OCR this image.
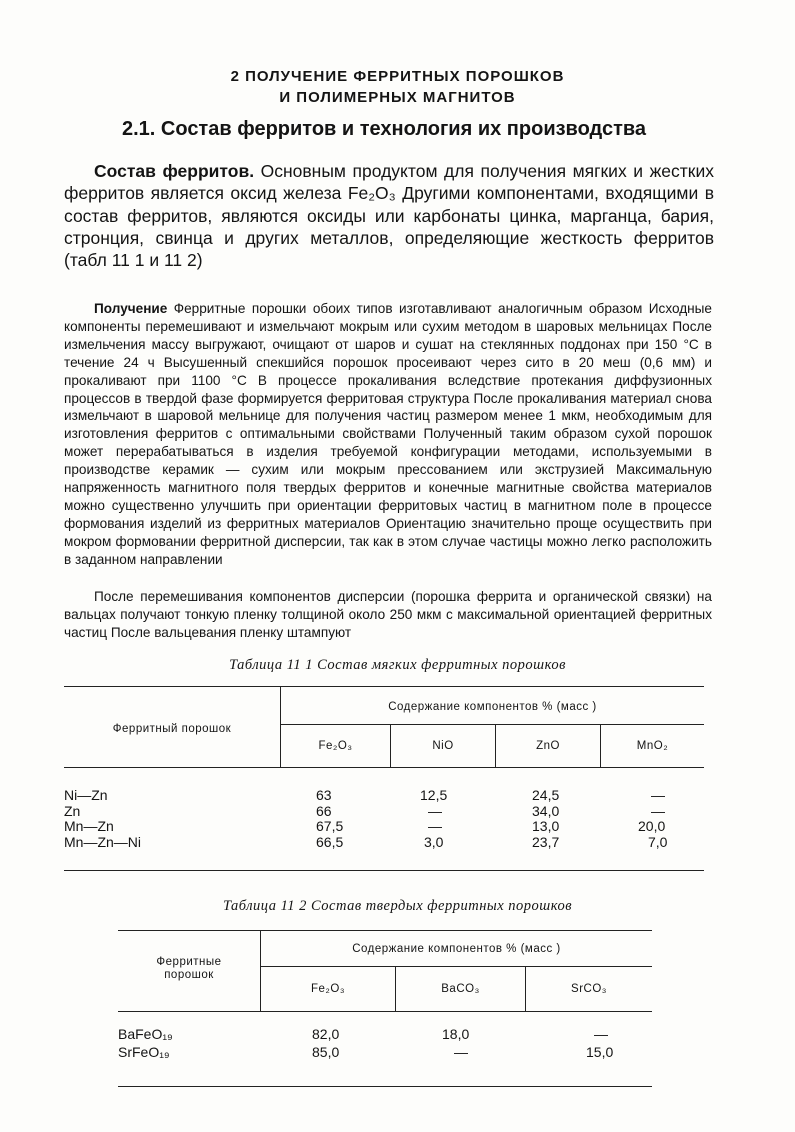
2 ПОЛУЧЕНИЕ ФЕРРИТНЫХ ПОРОШКОВ
И ПОЛИМЕРНЫХ МАГНИТОВ
2.1. Состав ферритов и технология их производства
Состав ферритов. Основным продуктом для получения мягких и жестких ферритов является оксид железа Fe₂O₃ Другими компонентами, входящими в состав ферритов, являются оксиды или карбонаты цинка, марганца, бария, стронция, свинца и других металлов, определяющие жесткость ферритов (табл 11 1 и 11 2)
Получение Ферритные порошки обоих типов изготавливают аналогичным образом Исходные компоненты перемешивают и измельчают мокрым или сухим методом в шаровых мельницах После измельчения массу выгружают, очищают от шаров и сушат на стеклянных поддонах при 150 °С в течение 24 ч Высушенный спекшийся порошок просеивают через сито в 20 меш (0,6 мм) и прокаливают при 1100 °С В процессе прокаливания вследствие протекания диффузионных процессов в твердой фазе формируется ферритовая структура После прокаливания материал снова измельчают в шаровой мельнице для получения частиц размером менее 1 мкм, необходимым для изготовления ферритов с оптимальными свойствами Полученный таким образом сухой порошок может перерабатываться в изделия требуемой конфигурации методами, используемыми в производстве керамик — сухим или мокрым прессованием или экструзией Максимальную напряженность магнитного поля твердых ферритов и конечные магнитные свойства материалов можно существенно улучшить при ориентации ферритовых частиц в магнитном поле в процессе формования изделий из ферритных материалов Ориентацию значительно проще осуществить при мокром формовании ферритной дисперсии, так как в этом случае частицы можно легко расположить в заданном направлении
После перемешивания компонентов дисперсии (порошка феррита и органической связки) на вальцах получают тонкую пленку толщиной около 250 мкм с максимальной ориентацией ферритных частиц После вальцевания пленку штампуют
Таблица 11 1 Состав мягких ферритных порошков
Ферритный порошок
Содержание компонентов % (масс )
Fe₂O₃	NiO	ZnO	MnO₂
Ni—Zn	63	12,5	24,5	—
Zn	66	—	34,0	—
Mn—Zn	67,5	—	13,0	20,0
Mn—Zn—Ni	66,5	3,0	23,7	7,0
Таблица 11 2 Состав твердых ферритных порошков
Ферритные
порошок
Содержание компонентов % (масс )
Fe₂O₃	BaCO₃	SrCO₃
BaFeO₁₉	82,0	18,0	—
SrFeO₁₉	85,0	—	15,0
